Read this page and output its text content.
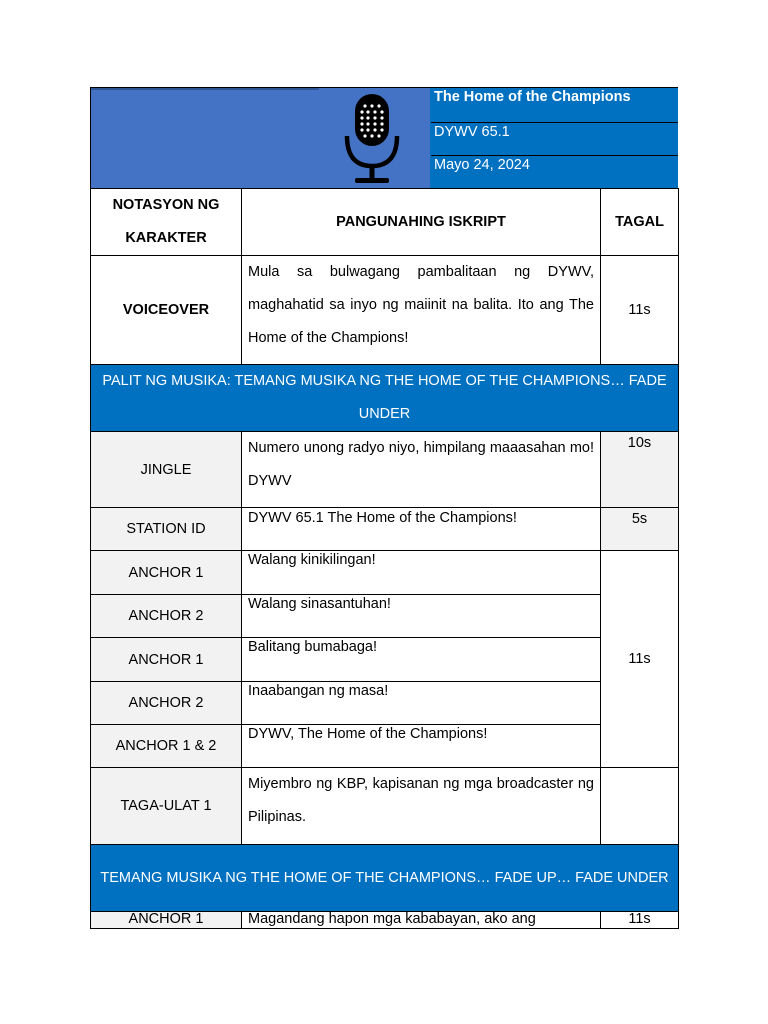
The Home of the Champions
DYWV 65.1
Mayo 24, 2024
NOTASYON NG KARAKTER	PANGUNAHING ISKRIPT	TAGAL
VOICEOVER	Mula sa bulwagang pambalitaan ng DYWV, maghahatid sa inyo ng maiinit na balita. Ito ang The Home of the Champions!	11s
PALIT NG MUSIKA: TEMANG MUSIKA NG THE HOME OF THE CHAMPIONS… FADE UNDER		
JINGLE	Numero unong radyo niyo, himpilang maaasahan mo! DYWV	10s
STATION ID	DYWV 65.1 The Home of the Champions!	5s
ANCHOR 1	Walang kinikilingan!	11s
ANCHOR 2	Walang sinasantuhan!	
ANCHOR 1	Balitang bumabaga!	
ANCHOR 2	Inaabangan ng masa!	
ANCHOR 1 & 2	DYWV, The Home of the Champions!	
TAGA-ULAT 1	Miyembro ng KBP, kapisanan ng mga broadcaster ng Pilipinas.	
TEMANG MUSIKA NG THE HOME OF THE CHAMPIONS… FADE UP… FADE UNDER		
ANCHOR 1	Magandang hapon mga kababayan, ako ang	11s
